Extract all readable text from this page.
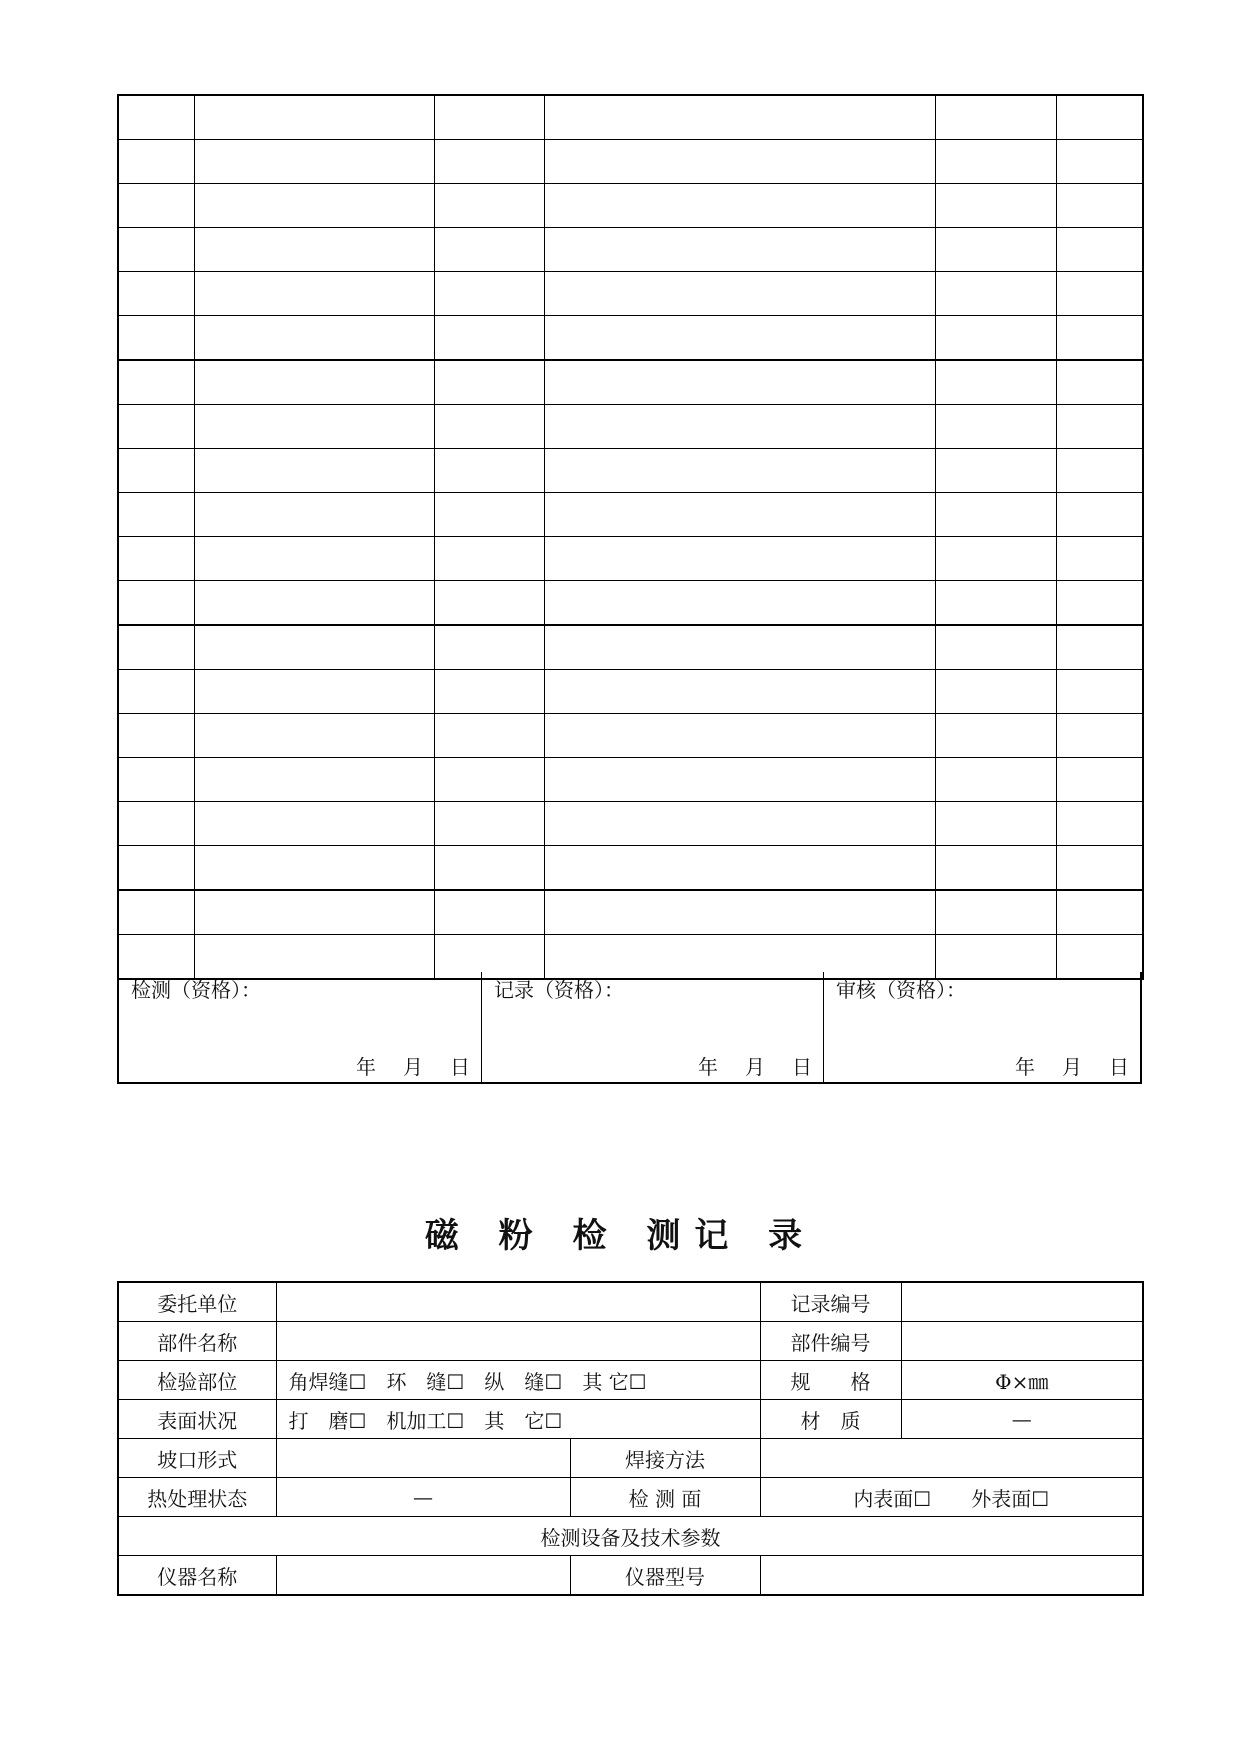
检测（资格）：
年 月 日
记录（资格）：
年 月 日
审核（资格）：
年 月 日
磁 粉 检 测记 录
委托单位			记录编号	
部件名称			部件编号	
检验部位	角焊缝☐ 环　缝☐ 纵　缝☐ 其 它☐		规　　格	Φ×㎜
表面状况	打　磨☐ 机加工☐ 其　它☐		材　质	—
坡口形式		焊接方法		
热处理状态	—	检 测 面	内表面☐　　外表面☐	
检测设备及技术参数				
仪器名称		仪器型号		
